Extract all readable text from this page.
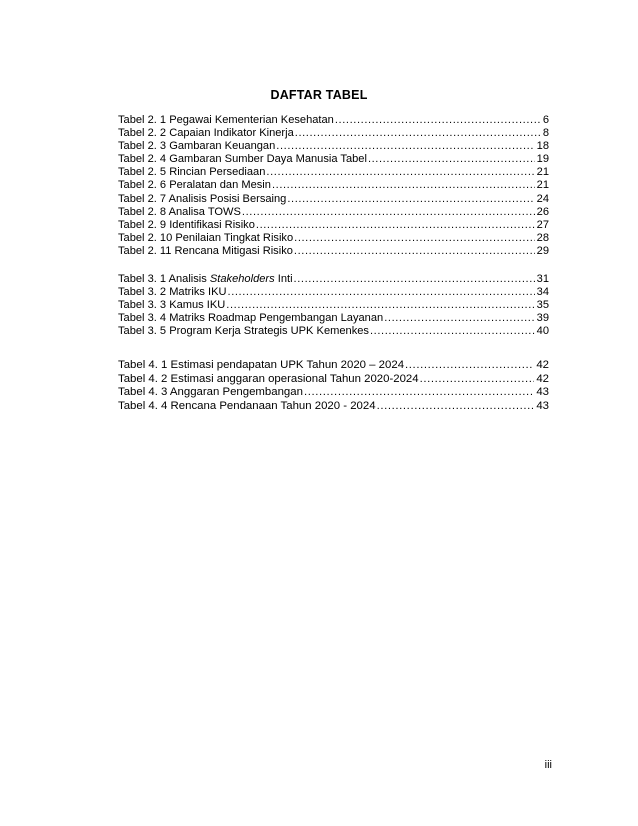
DAFTAR TABEL
Tabel 2. 1 Pegawai Kementerian Kesehatan .....	6
Tabel 2. 2 Capaian Indikator Kinerja .....	8
Tabel 2. 3 Gambaran Keuangan .....	18
Tabel 2. 4 Gambaran Sumber Daya Manusia Tabel .....	19
Tabel 2. 5 Rincian Persediaan .....	21
Tabel 2. 6 Peralatan dan Mesin .....	21
Tabel 2. 7 Analisis Posisi Bersaing .....	24
Tabel 2. 8 Analisa TOWS .....	26
Tabel 2. 9 Identifikasi Risiko .....	27
Tabel 2. 10 Penilaian Tingkat Risiko .....	28
Tabel 2. 11 Rencana Mitigasi Risiko .....	29
Tabel 3. 1 Analisis Stakeholders Inti .....	31
Tabel 3. 2 Matriks IKU .....	34
Tabel 3. 3 Kamus IKU .....	35
Tabel 3. 4 Matriks Roadmap Pengembangan Layanan .....	39
Tabel 3. 5 Program Kerja Strategis UPK Kemenkes .....	40
Tabel 4. 1 Estimasi pendapatan UPK Tahun 2020 – 2024 .....	42
Tabel 4. 2 Estimasi anggaran operasional Tahun 2020-2024 .....	42
Tabel 4. 3 Anggaran Pengembangan .....	43
Tabel 4. 4 Rencana Pendanaan Tahun 2020 - 2024 .....	43
iii
